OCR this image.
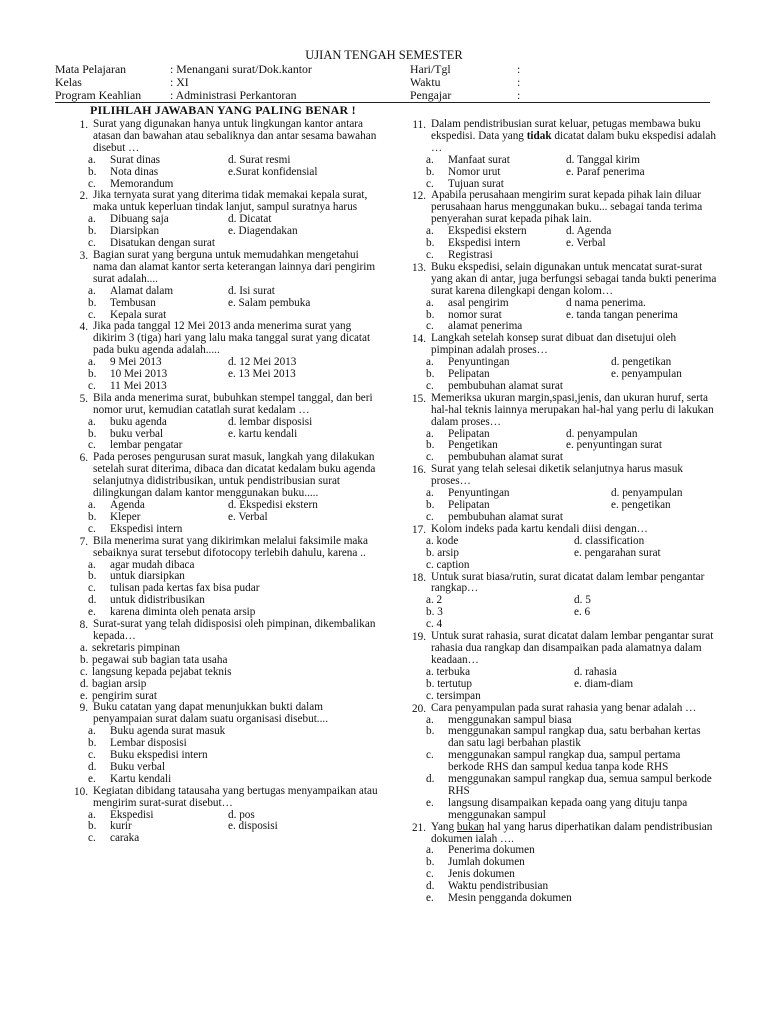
UJIAN TENGAH SEMESTER
Mata Pelajaran	: Menangani surat/Dok.kantor	Hari/Tgl	:
Kelas	: XI	Waktu	:
Program Keahlian	: Administrasi Perkantoran	Pengajar	:
PILIHLAH JAWABAN YANG PALING BENAR !
1. Surat yang digunakan hanya untuk lingkungan kantor antara atasan dan bawahan atau sebaliknya dan antar sesama bawahan disebut …
a.	Surat dinas	d. Surat resmi
b.	Nota dinas	e.Surat konfidensial
c.	Memorandum
2. Jika ternyata surat yang diterima tidak memakai kepala surat, maka untuk keperluan tindak lanjut, sampul suratnya harus
a.	Dibuang saja	d. Dicatat
b.	Diarsipkan	e. Diagendakan
c.	Disatukan dengan surat
3. Bagian surat yang berguna untuk memudahkan mengetahui nama dan alamat kantor serta keterangan lainnya dari pengirim surat adalah....
a.	Alamat dalam	d. Isi surat
b.	Tembusan	e. Salam pembuka
c.	Kepala surat
4. Jika pada tanggal 12 Mei 2013 anda menerima surat yang dikirim 3 (tiga) hari yang lalu maka tanggal surat yang dicatat pada buku agenda adalah.....
a.	9 Mei 2013	d. 12 Mei 2013
b.	10 Mei 2013	e. 13 Mei 2013
c.	11 Mei 2013
5. Bila anda menerima surat, bubuhkan stempel tanggal, dan beri nomor urut, kemudian catatlah surat kedalam …
a.	buku agenda	d. lembar disposisi
b.	buku verbal	e. kartu kendali
c.	lembar pengatar
6. Pada peroses pengurusan surat masuk, langkah yang dilakukan setelah surat diterima, dibaca dan dicatat kedalam buku agenda selanjutnya didistribusikan, untuk pendistribusian surat dilingkungan dalam kantor menggunakan buku.....
a.	Agenda	d. Ekspedisi ekstern
b.	Kleper	e. Verbal
c.	Ekspedisi intern
7. Bila menerima surat yang dikirimkan melalui faksimile maka sebaiknya surat tersebut difotocopy terlebih dahulu, karena ..
a.	agar mudah dibaca
b.	untuk diarsipkan
c.	tulisan pada kertas fax bisa pudar
d.	untuk didistribusikan
e.	karena diminta oleh penata arsip
8. Surat-surat yang telah didisposisi oleh pimpinan, dikembalikan kepada…
a. sekretaris pimpinan
b. pegawai sub bagian tata usaha
c. langsung kepada pejabat teknis
d. bagian arsip
e. pengirim surat
9. Buku catatan yang dapat menunjukkan bukti dalam penyampaian surat dalam suatu organisasi disebut....
a.	Buku agenda surat masuk
b.	Lembar disposisi
c.	Buku ekspedisi intern
d.	Buku verbal
e.	Kartu kendali
10. Kegiatan dibidang tatausaha yang bertugas menyampaikan atau mengirim surat-surat disebut…
a.	Ekspedisi	d. pos
b.	kurir	e. disposisi
c.	caraka
11. Dalam pendistribusian surat keluar, petugas membawa buku ekspedisi. Data yang tidak dicatat dalam buku ekspedisi adalah …
a.	Manfaat surat	d. Tanggal kirim
b.	Nomor urut	e. Paraf penerima
c.	Tujuan surat
12. Apabila perusahaan mengirim surat kepada pihak lain diluar perusahaan harus menggunakan buku... sebagai tanda terima penyerahan surat kepada pihak lain.
a.	Ekspedisi ekstern	d. Agenda
b.	Ekspedisi intern	e. Verbal
c.	Registrasi
13. Buku ekspedisi, selain digunakan untuk mencatat surat-surat yang akan di antar, juga berfungsi sebagai tanda bukti penerima surat karena dilengkapi dengan kolom…
a.	asal pengirim	d nama penerima.
b.	nomor surat	e. tanda tangan penerima
c.	alamat penerima
14. Langkah setelah konsep surat dibuat dan disetujui oleh pimpinan adalah proses…
a.	Penyuntingan	d. pengetikan
b.	Pelipatan	e. penyampulan
c.	pembubuhan alamat surat
15. Memeriksa ukuran margin,spasi,jenis, dan ukuran huruf, serta hal-hal teknis lainnya merupakan hal-hal yang perlu di lakukan dalam proses…
a.	Pelipatan	d. penyampulan
b.	Pengetikan	e. penyuntingan surat
c.	pembubuhan alamat surat
16. Surat yang telah selesai diketik selanjutnya harus masuk proses…
a.	Penyuntingan	d. penyampulan
b.	Pelipatan	e. pengetikan
c.	pembubuhan alamat surat
17. Kolom indeks pada kartu kendali diisi dengan…
a. kode	d. classification
b. arsip	e. pengarahan surat
c. caption
18. Untuk surat biasa/rutin, surat dicatat dalam lembar pengantar rangkap…
a. 2	d. 5
b. 3	e. 6
c. 4
19. Untuk surat rahasia, surat dicatat dalam lembar pengantar surat rahasia dua rangkap dan disampaikan pada alamatnya dalam keadaan…
a. terbuka	d. rahasia
b. tertutup	e. diam-diam
c. tersimpan
20. Cara penyampulan pada surat rahasia yang benar adalah …
a.	menggunakan sampul biasa
b.	menggunakan sampul rangkap dua, satu berbahan kertas dan satu lagi berbahan plastik
c.	menggunakan sampul rangkap dua, sampul pertama berkode RHS dan sampul kedua tanpa kode RHS
d.	menggunakan sampul rangkap dua, semua sampul berkode RHS
e.	langsung disampaikan kepada oang yang dituju tanpa menggunakan sampul
21. Yang bukan hal yang harus diperhatikan dalam pendistribusian dokumen ialah ….
a.	Penerima dokumen
b.	Jumlah dokumen
c.	Jenis dokumen
d.	Waktu pendistribusian
e.	Mesin pengganda dokumen
